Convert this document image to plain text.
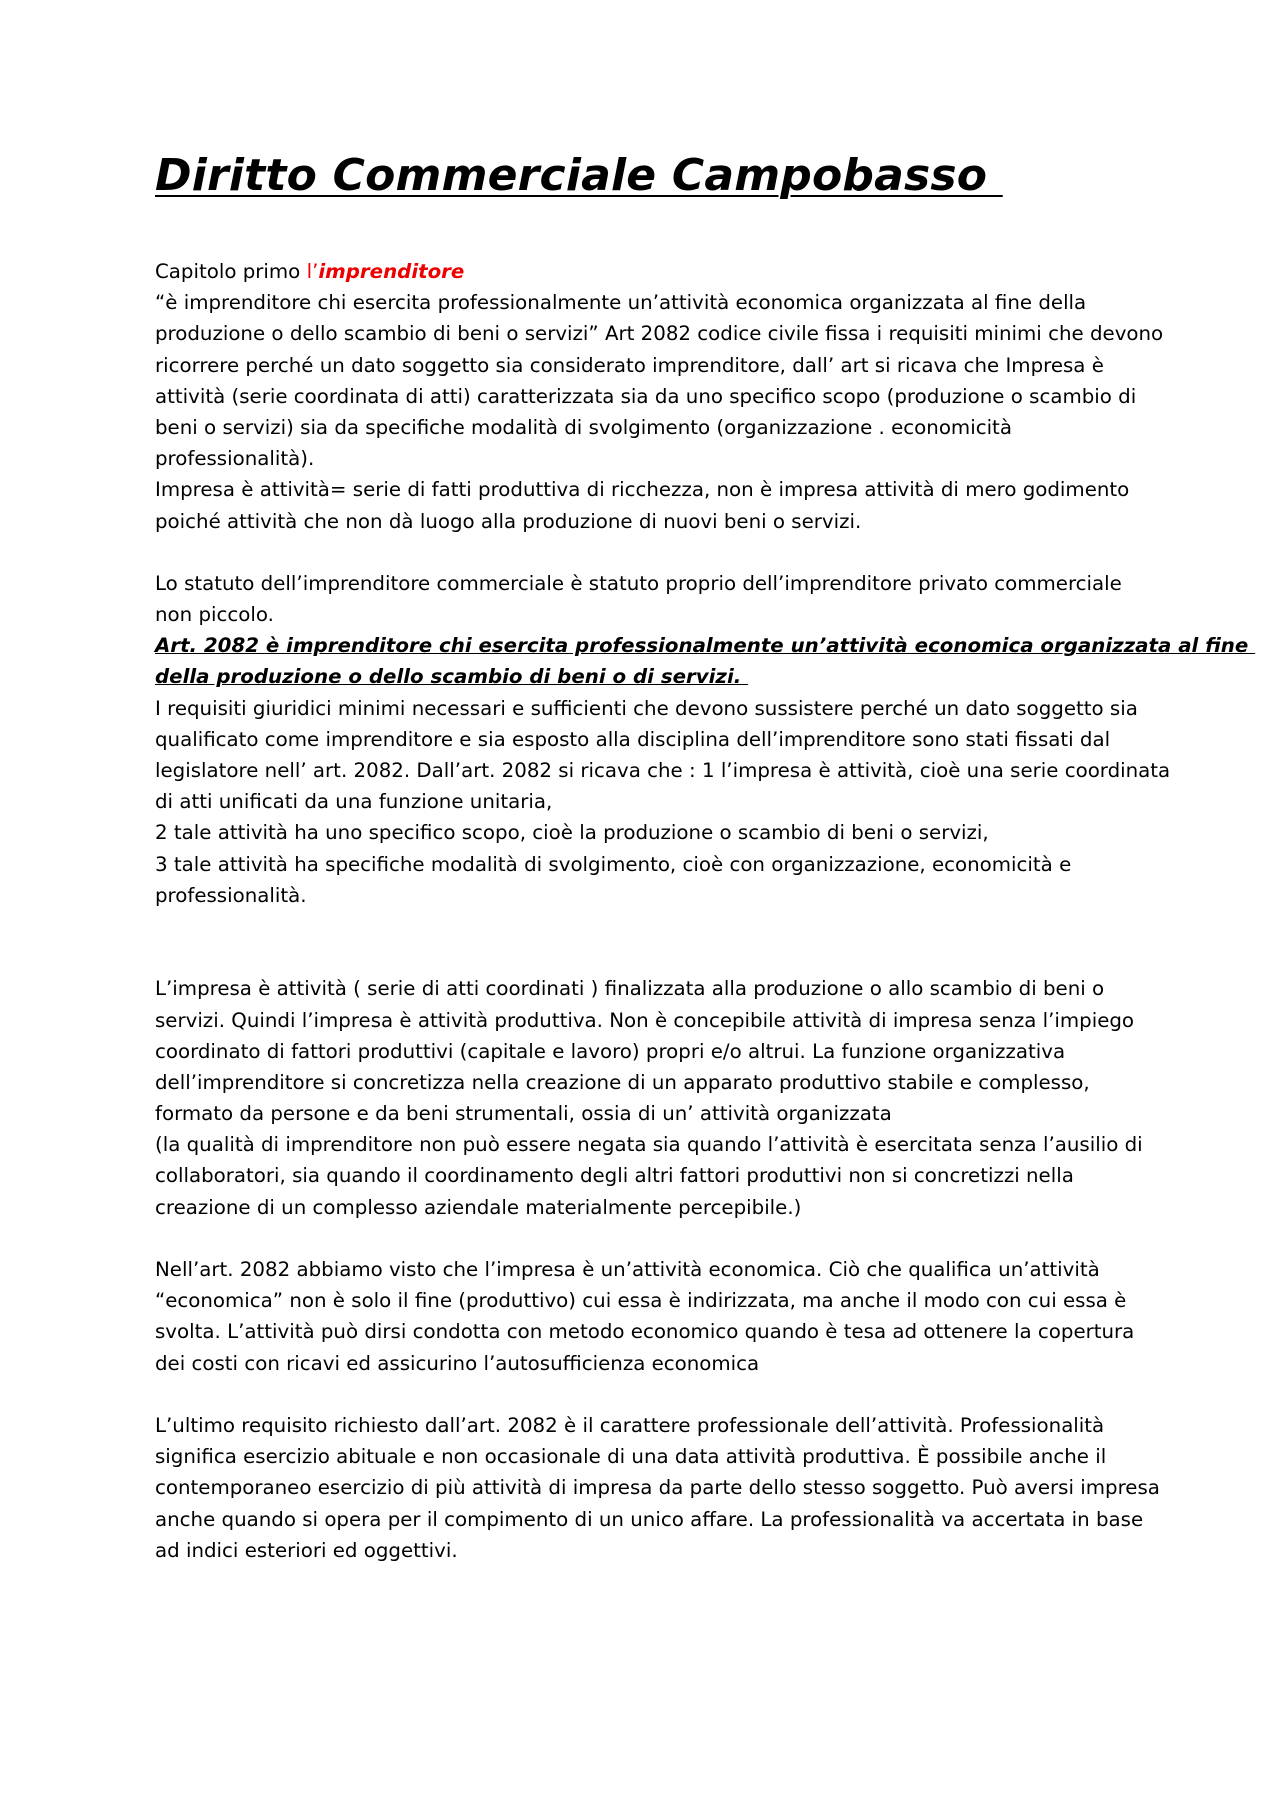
Diritto Commerciale Campobasso
Capitolo primo l’imprenditore
“è imprenditore chi esercita professionalmente un’attività economica organizzata al fine della
produzione o dello scambio di beni o servizi” Art 2082 codice civile fissa i requisiti minimi che devono
ricorrere perché un dato soggetto sia considerato imprenditore, dall’ art si ricava che Impresa è
attività (serie coordinata di atti) caratterizzata sia da uno specifico scopo (produzione o scambio di
beni o servizi) sia da specifiche modalità di svolgimento (organizzazione . economicità
professionalità).
Impresa è attività= serie di fatti produttiva di ricchezza, non è impresa attività di mero godimento
poiché attività che non dà luogo alla produzione di nuovi beni o servizi.
Lo statuto dell’imprenditore commerciale è statuto proprio dell’imprenditore privato commerciale
non piccolo.
Art. 2082 è imprenditore chi esercita professionalmente un’attività economica organizzata al fine
della produzione o dello scambio di beni o di servizi.
I requisiti giuridici minimi necessari e sufficienti che devono sussistere perché un dato soggetto sia
qualificato come imprenditore e sia esposto alla disciplina dell’imprenditore sono stati fissati dal
legislatore nell’ art. 2082. Dall’art. 2082 si ricava che : 1 l’impresa è attività, cioè una serie coordinata
di atti unificati da una funzione unitaria,
2 tale attività ha uno specifico scopo, cioè la produzione o scambio di beni o servizi,
3 tale attività ha specifiche modalità di svolgimento, cioè con organizzazione, economicità e
professionalità.
L’impresa è attività ( serie di atti coordinati ) finalizzata alla produzione o allo scambio di beni o
servizi. Quindi l’impresa è attività produttiva. Non è concepibile attività di impresa senza l’impiego
coordinato di fattori produttivi (capitale e lavoro) propri e/o altrui. La funzione organizzativa
dell’imprenditore si concretizza nella creazione di un apparato produttivo stabile e complesso,
formato da persone e da beni strumentali, ossia di un’ attività organizzata
(la qualità di imprenditore non può essere negata sia quando l’attività è esercitata senza l’ausilio di
collaboratori, sia quando il coordinamento degli altri fattori produttivi non si concretizzi nella
creazione di un complesso aziendale materialmente percepibile.)
Nell’art. 2082 abbiamo visto che l’impresa è un’attività economica. Ciò che qualifica un’attività
“economica” non è solo il fine (produttivo) cui essa è indirizzata, ma anche il modo con cui essa è
svolta. L’attività può dirsi condotta con metodo economico quando è tesa ad ottenere la copertura
dei costi con ricavi ed assicurino l’autosufficienza economica
L’ultimo requisito richiesto dall’art. 2082 è il carattere professionale dell’attività. Professionalità
significa esercizio abituale e non occasionale di una data attività produttiva. È possibile anche il
contemporaneo esercizio di più attività di impresa da parte dello stesso soggetto. Può aversi impresa
anche quando si opera per il compimento di un unico affare. La professionalità va accertata in base
ad indici esteriori ed oggettivi.
